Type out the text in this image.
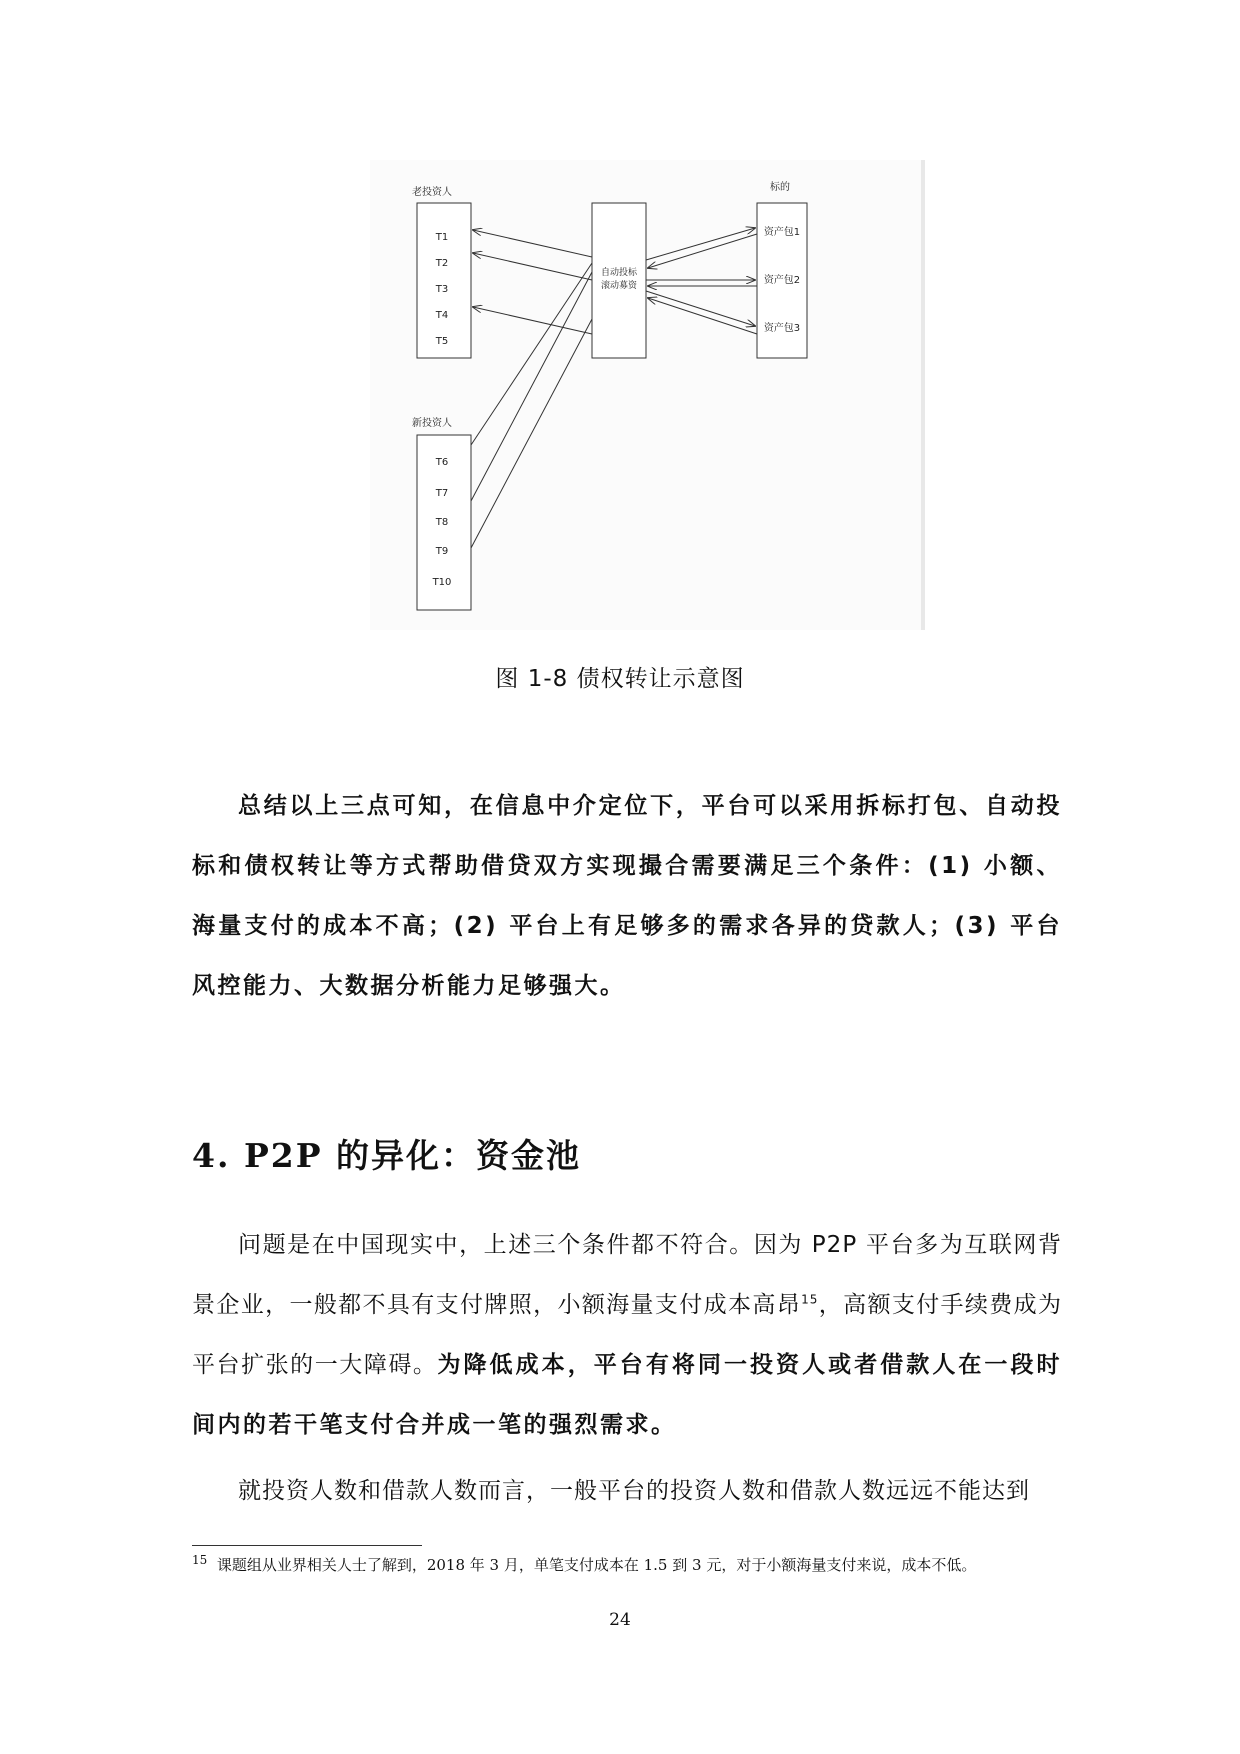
老投资人
T1
T2
T3
T4
T5
新投资人
T6
T7
T8
T9
T10
自动投标
滚动募资
标的
资产包1
资产包2
资产包3
图 1-8 债权转让示意图

总结以上三点可知，在信息中介定位下，平台可以采用拆标打包、自动投标和债权转让等方式帮助借贷双方实现撮合需要满足三个条件：(1) 小额、海量支付的成本不高；(2) 平台上有足够多的需求各异的贷款人；(3) 平台风控能力、大数据分析能力足够强大。

4. P2P 的异化：资金池

问题是在中国现实中，上述三个条件都不符合。因为 P2P 平台多为互联网背景企业，一般都不具有支付牌照，小额海量支付成本高昂$^{15}$，高额支付手续费成为平台扩张的一大障碍。为降低成本，平台有将同一投资人或者借款人在一段时间内的若干笔支付合并成一笔的强烈需求。

就投资人数和借款人数而言，一般平台的投资人数和借款人数远远不能达到

$^{15}$ 课题组从业界相关人士了解到，2018 年 3 月，单笔支付成本在 1.5 到 3 元，对于小额海量支付来说，成本不低。
24
